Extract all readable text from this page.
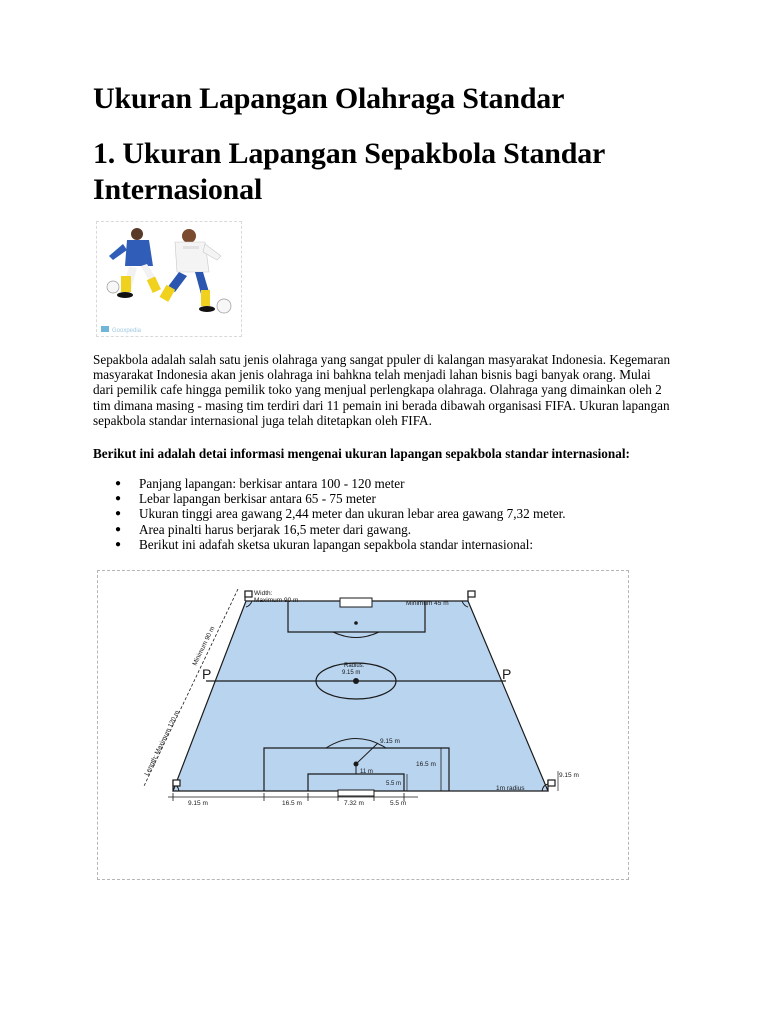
Ukuran Lapangan Olahraga Standar
1. Ukuran Lapangan Sepakbola Standar Internasional
Gooxpedia

Sepakbola adalah salah satu jenis olahraga yang sangat ppuler di kalangan masyarakat Indonesia. Kegemaran masyarakat Indonesia akan jenis olahraga ini bahkna telah menjadi lahan bisnis bagi banyak orang. Mulai dari pemilik cafe hingga pemilik toko yang menjual perlengkapa olahraga. Olahraga yang dimainkan oleh 2 tim dimana masing - masing tim terdiri dari 11 pemain ini berada dibawah organisasi FIFA. Ukuran lapangan sepakbola standar internasional juga telah ditetapkan oleh FIFA.

Berikut ini adalah detai informasi mengenai ukuran lapangan sepakbola standar internasional:

● Panjang lapangan: berkisar antara 100 - 120 meter
● Lebar lapangan berkisar antara 65 - 75 meter
● Ukuran tinggi area gawang 2,44 meter dan ukuran lebar area gawang 7,32 meter.
● Area pinalti harus berjarak 16,5 meter dari gawang.
● Berikut ini adafah sketsa ukuran lapangan sepakbola standar internasional:
P	P
Width:
Maximum 90 m	Minimum 45 m
Minimum 90 m
Length: Maximum 120 m
Radius:
9.15 m
9.15 m
16.5 m
11 m
5.5 m
1m radius
9.15 m
9.15 m	16.5 m	7.32 m	5.5 m
